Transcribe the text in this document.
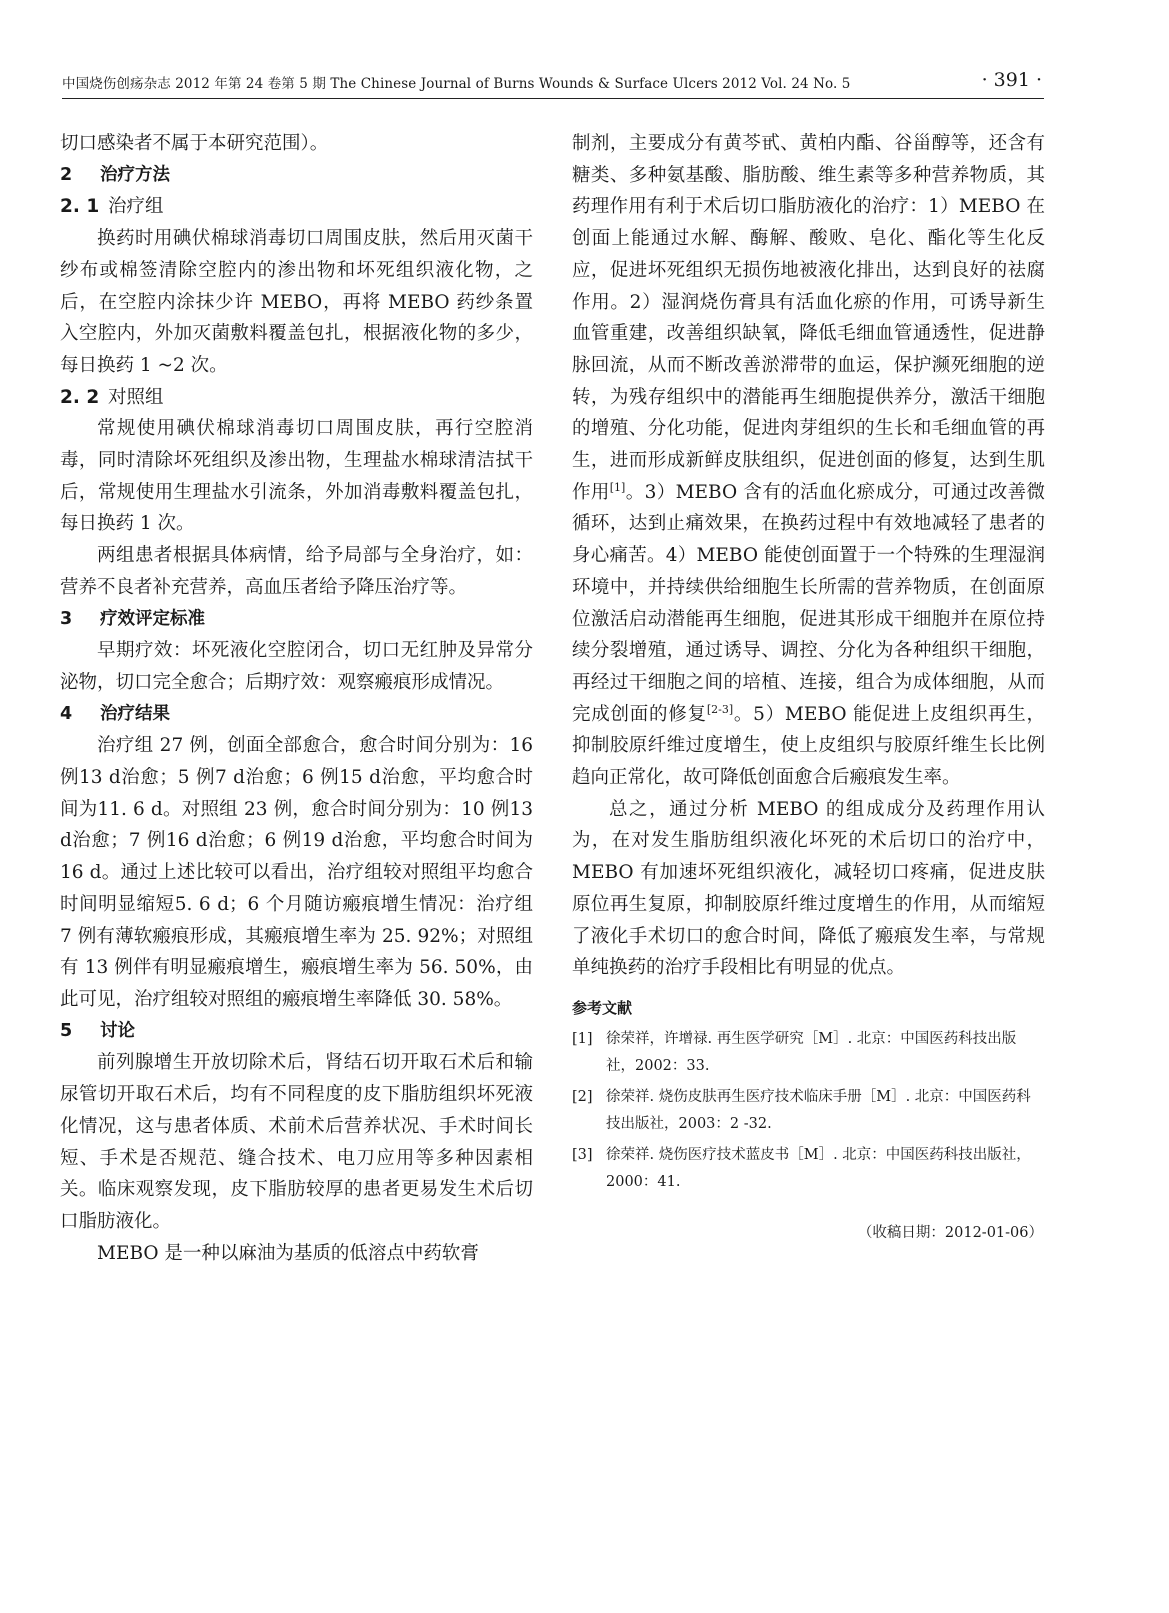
中国烧伤创疡杂志 2012 年第 24 卷第 5 期 The Chinese Journal of Burns Wounds & Surface Ulcers 2012 Vol. 24 No. 5	· 391 ·

切口感染者不属于本研究范围）。

2 治疗方法

2. 1 治疗组

换药时用碘伏棉球消毒切口周围皮肤，然后用灭菌干纱布或棉签清除空腔内的渗出物和坏死组织液化物，之后，在空腔内涂抹少许 MEBO，再将 MEBO 药纱条置入空腔内，外加灭菌敷料覆盖包扎，根据液化物的多少，每日换药 1 ~2 次。

2. 2 对照组

常规使用碘伏棉球消毒切口周围皮肤，再行空腔消毒，同时清除坏死组织及渗出物，生理盐水棉球清洁拭干后，常规使用生理盐水引流条，外加消毒敷料覆盖包扎，每日换药 1 次。

两组患者根据具体病情，给予局部与全身治疗，如：营养不良者补充营养，高血压者给予降压治疗等。

3 疗效评定标准

早期疗效：坏死液化空腔闭合，切口无红肿及异常分泌物，切口完全愈合；后期疗效：观察瘢痕形成情况。

4 治疗结果

治疗组 27 例，创面全部愈合，愈合时间分别为：16 例13 d治愈；5 例7 d治愈；6 例15 d治愈，平均愈合时间为11. 6 d。对照组 23 例，愈合时间分别为：10 例13 d治愈；7 例16 d治愈；6 例19 d治愈，平均愈合时间为16 d。通过上述比较可以看出，治疗组较对照组平均愈合时间明显缩短5. 6 d；6 个月随访瘢痕增生情况：治疗组 7 例有薄软瘢痕形成，其瘢痕增生率为 25. 92%；对照组有 13 例伴有明显瘢痕增生，瘢痕增生率为 56. 50%，由此可见，治疗组较对照组的瘢痕增生率降低 30. 58%。

5 讨论

前列腺增生开放切除术后，肾结石切开取石术后和输尿管切开取石术后，均有不同程度的皮下脂肪组织坏死液化情况，这与患者体质、术前术后营养状况、手术时间长短、手术是否规范、缝合技术、电刀应用等多种因素相关。临床观察发现，皮下脂肪较厚的患者更易发生术后切口脂肪液化。

MEBO 是一种以麻油为基质的低溶点中药软膏

制剂，主要成分有黄芩甙、黄柏内酯、谷甾醇等，还含有糖类、多种氨基酸、脂肪酸、维生素等多种营养物质，其药理作用有利于术后切口脂肪液化的治疗：1）MEBO 在创面上能通过水解、酶解、酸败、皂化、酯化等生化反应，促进坏死组织无损伤地被液化排出，达到良好的祛腐作用。2）湿润烧伤膏具有活血化瘀的作用，可诱导新生血管重建，改善组织缺氧，降低毛细血管通透性，促进静脉回流，从而不断改善淤滞带的血运，保护濒死细胞的逆转，为残存组织中的潜能再生细胞提供养分，激活干细胞的增殖、分化功能，促进肉芽组织的生长和毛细血管的再生，进而形成新鲜皮肤组织，促进创面的修复，达到生肌作用[1]。3）MEBO 含有的活血化瘀成分，可通过改善微循环，达到止痛效果，在换药过程中有效地减轻了患者的身心痛苦。4）MEBO 能使创面置于一个特殊的生理湿润环境中，并持续供给细胞生长所需的营养物质，在创面原位激活启动潜能再生细胞，促进其形成干细胞并在原位持续分裂增殖，通过诱导、调控、分化为各种组织干细胞，再经过干细胞之间的培植、连接，组合为成体细胞，从而完成创面的修复[2-3]。5）MEBO 能促进上皮组织再生，抑制胶原纤维过度增生，使上皮组织与胶原纤维生长比例趋向正常化，故可降低创面愈合后瘢痕发生率。

总之，通过分析 MEBO 的组成成分及药理作用认为，在对发生脂肪组织液化坏死的术后切口的治疗中，MEBO 有加速坏死组织液化，减轻切口疼痛，促进皮肤原位再生复原，抑制胶原纤维过度增生的作用，从而缩短了液化手术切口的愈合时间，降低了瘢痕发生率，与常规单纯换药的治疗手段相比有明显的优点。

参考文献

[1] 徐荣祥，许增禄. 再生医学研究［M］. 北京：中国医药科技出版社，2002：33.

[2] 徐荣祥. 烧伤皮肤再生医疗技术临床手册［M］. 北京：中国医药科技出版社，2003：2 -32.

[3] 徐荣祥. 烧伤医疗技术蓝皮书［M］. 北京：中国医药科技出版社，2000：41.

（收稿日期：2012-01-06）
